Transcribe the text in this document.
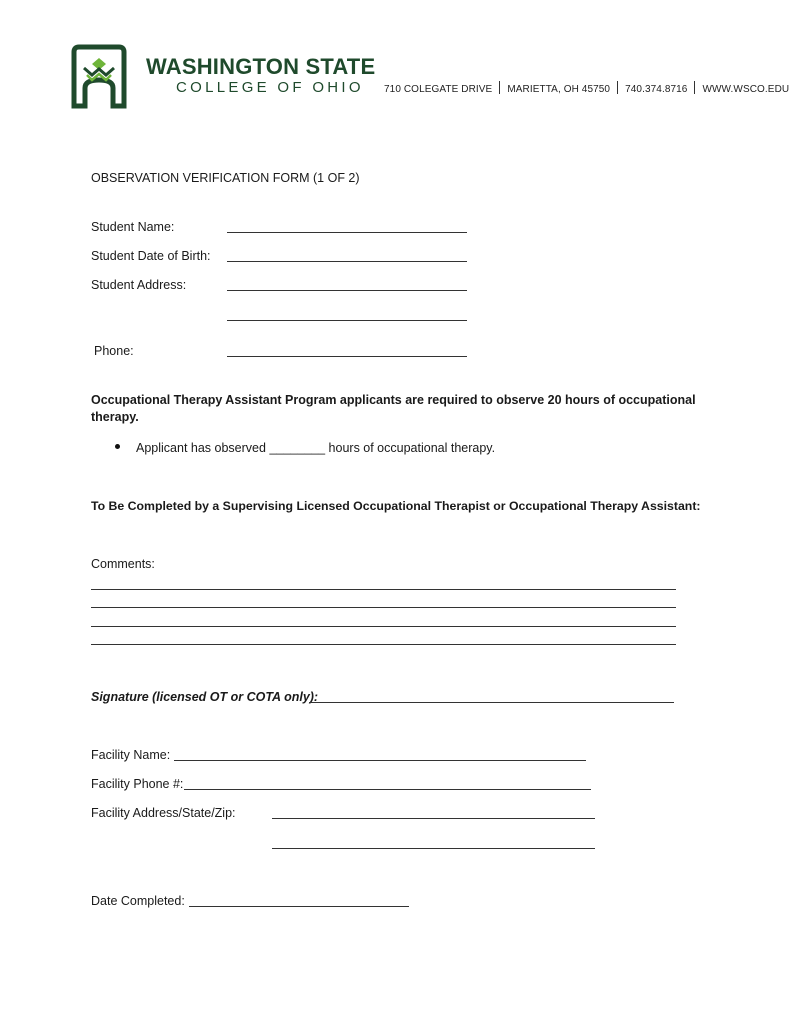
WASHINGTON STATE
COLLEGE OF OHIO 710 COLEGATE DRIVE MARIETTA, OH 45750 740.374.8716 WWW.WSCO.EDU
OBSERVATION VERIFICATION FORM (1 OF 2)
Student Name:
Student Date of Birth:
Student Address:
Phone:
Occupational Therapy Assistant Program applicants are required to observe 20 hours of occupational
therapy.
Applicant has observed ________ hours of occupational therapy.
To Be Completed by a Supervising Licensed Occupational Therapist or Occupational Therapy Assistant:
Comments:
Signature (licensed OT or COTA only):
Facility Name:
Facility Phone #:
Facility Address/State/Zip:
Date Completed:
